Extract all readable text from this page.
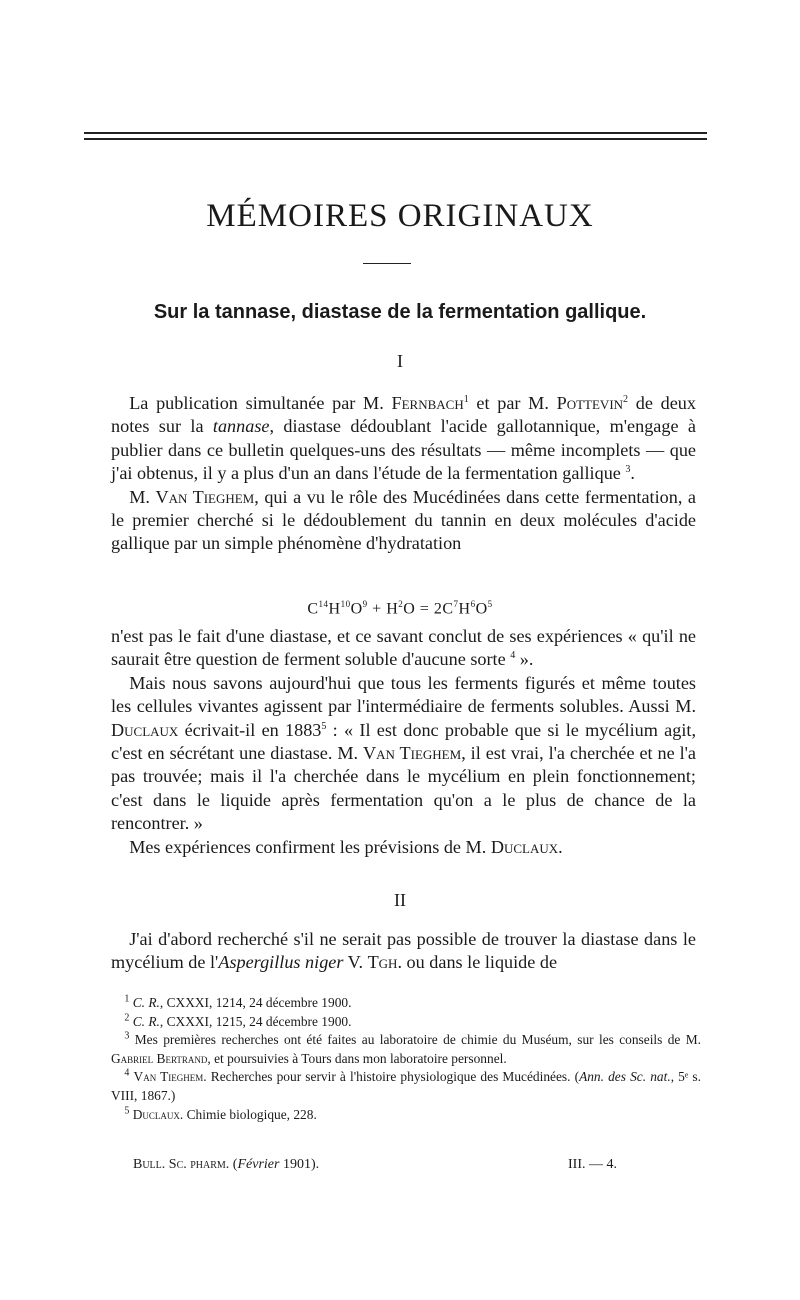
MÉMOIRES ORIGINAUX
Sur la tannase, diastase de la fermentation gallique.
I

 La publication simultanée par M. Fernbach$^1$ et par M. Pottevin$^2$ de deux notes sur la tannase, diastase dédoublant l'acide gallotannique, m'engage à publier dans ce bulletin quelques-uns des résultats — même incomplets — que j'ai obtenus, il y a plus d'un an dans l'étude de la fermentation gallique $^3$.

 M. Van Tieghem, qui a vu le rôle des Mucédinées dans cette fermentation, a le premier cherché si le dédoublement du tannin en deux molécules d'acide gallique par un simple phénomène d'hydratation

$C^{14}H^{10}O^9 + H^2O = 2C^7H^6O^5$

n'est pas le fait d'une diastase, et ce savant conclut de ses expériences « qu'il ne saurait être question de ferment soluble d'aucune sorte $^4$ ».

 Mais nous savons aujourd'hui que tous les ferments figurés et même toutes les cellules vivantes agissent par l'intermédiaire de ferments solubles. Aussi M. Duclaux écrivait-il en 1883$^5$ : « Il est donc probable que si le mycélium agit, c'est en sécrétant une diastase. M. Van Tieghem, il est vrai, l'a cherchée et ne l'a pas trouvée; mais il l'a cherchée dans le mycélium en plein fonctionnement; c'est dans le liquide après fermentation qu'on a le plus de chance de la rencontrer. »

 Mes expériences confirment les prévisions de M. Duclaux.

II

 J'ai d'abord recherché s'il ne serait pas possible de trouver la diastase dans le mycélium de l'Aspergillus niger V. Tgh. ou dans le liquide de

 $^1$ C. R., CXXXI, 1214, 24 décembre 1900.

 $^2$ C. R., CXXXI, 1215, 24 décembre 1900.

 $^3$ Mes premières recherches ont été faites au laboratoire de chimie du Muséum, sur les conseils de M. Gabriel Bertrand, et poursuivies à Tours dans mon laboratoire personnel.

 $^4$ Van Tieghem. Recherches pour servir à l'histoire physiologique des Mucédinées. (Ann. des Sc. nat., 5ᵉ s. VIII, 1867.)

 $^5$ Duclaux. Chimie biologique, 228.

Bull. Sc. pharm. (Février 1901).	III. — 4.
